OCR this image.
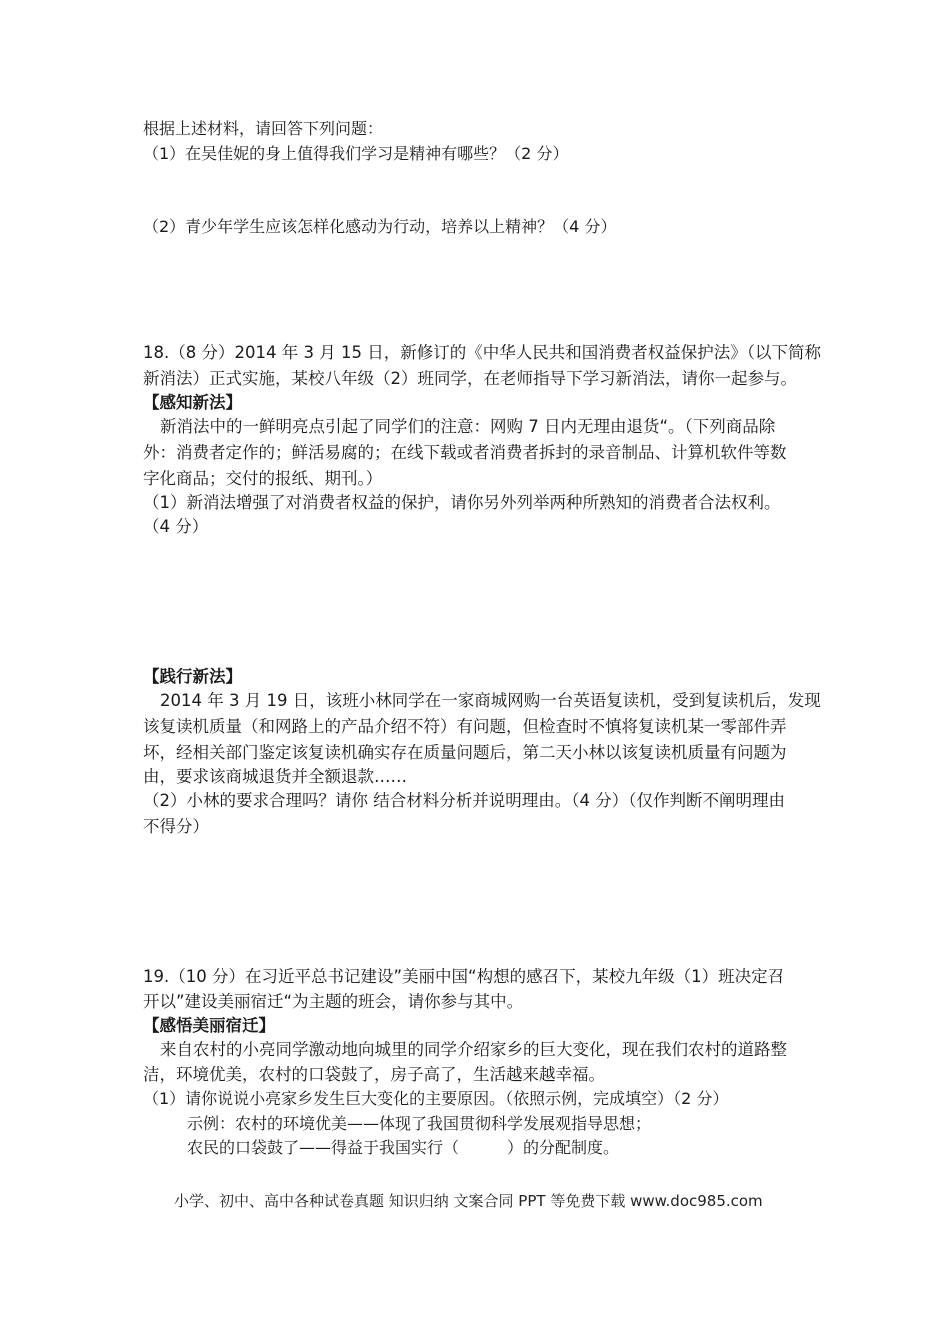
根据上述材料，请回答下列问题：
（1）在吴佳妮的身上值得我们学习是精神有哪些？（2 分）
（2）青少年学生应该怎样化感动为行动，培养以上精神？（4 分）
18.（8 分）2014 年 3 月 15 日，新修订的《中华人民共和国消费者权益保护法》（以下简称
新消法）正式实施，某校八年级（2）班同学，在老师指导下学习新消法，请你一起参与。
【感知新法】
新消法中的一鲜明亮点引起了同学们的注意：网购 7 日内无理由退货“。（下列商品除
外：消费者定作的；鲜活易腐的；在线下载或者消费者拆封的录音制品、计算机软件等数
字化商品；交付的报纸、期刊。）
（1）新消法增强了对消费者权益的保护，请你另外列举两种所熟知的消费者合法权利。
（4 分）
【践行新法】
2014 年 3 月 19 日，该班小林同学在一家商城网购一台英语复读机，受到复读机后，发现
该复读机质量（和网路上的产品介绍不符）有问题，但检查时不慎将复读机某一零部件弄
坏，经相关部门鉴定该复读机确实存在质量问题后，第二天小林以该复读机质量有问题为
由，要求该商城退货并全额退款……
（2）小林的要求合理吗？请你 结合材料分析并说明理由。（4 分）（仅作判断不阐明理由
不得分）
19.（10 分）在习近平总书记建设”美丽中国“构想的感召下，某校九年级（1）班决定召
开以”建设美丽宿迁“为主题的班会，请你参与其中。
【感悟美丽宿迁】
来自农村的小亮同学激动地向城里的同学介绍家乡的巨大变化，现在我们农村的道路整
洁，环境优美，农村的口袋鼓了，房子高了，生活越来越幸福。
（1）请你说说小亮家乡发生巨大变化的主要原因。（依照示例，完成填空）（2 分）
示例：农村的环境优美——体现了我国贯彻科学发展观指导思想；
农民的口袋鼓了——得益于我国实行（　　　）的分配制度。
小学、初中、高中各种试卷真题 知识归纳 文案合同 PPT 等免费下载 www.doc985.com
